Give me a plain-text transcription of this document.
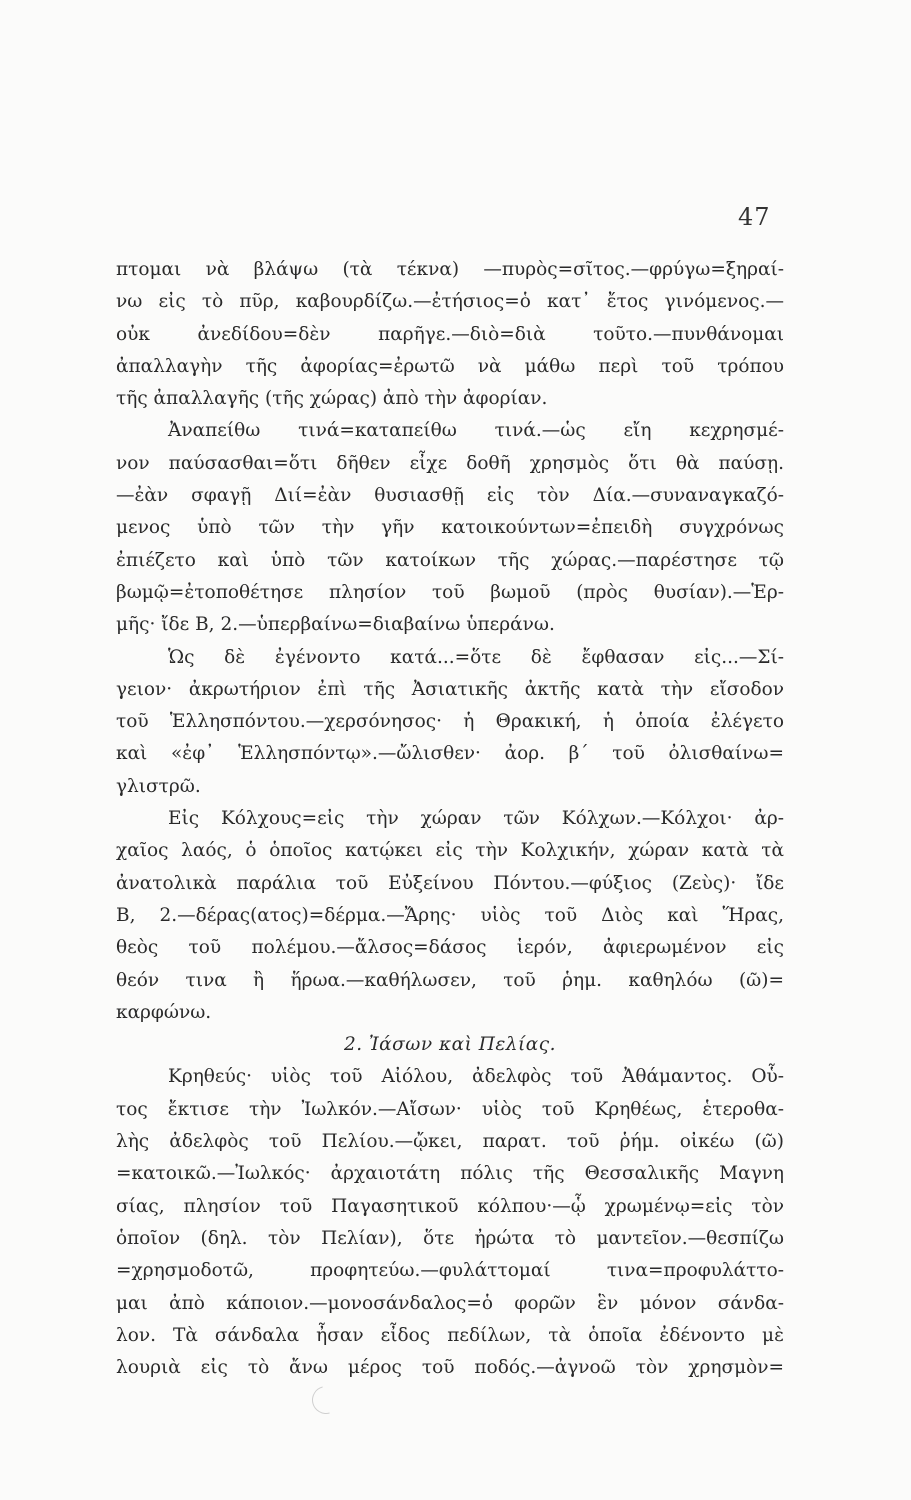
47
πτομαι νὰ βλάψω (τὰ τέκνα) —πυρὸς=σῖτος.—φρύγω=ξηραί-
νω εἰς τὸ πῦρ, καβουρδίζω.—ἐτήσιος=ὁ κατ᾽ ἔτος γινόμενος.—
οὐκ ἀνεδίδου=δὲν παρῆγε.—διὸ=διὰ τοῦτο.—πυνθάνομαι
ἀπαλλαγὴν τῆς ἀφορίας=ἐρωτῶ νὰ μάθω περὶ τοῦ τρόπου
τῆς ἀπαλλαγῆς (τῆς χώρας) ἀπὸ τὴν ἀφορίαν.
Ἀναπείθω τινά=καταπείθω τινά.—ὡς εἴη κεχρησμέ-
νον παύσασθαι=ὅτι δῆθεν εἶχε δοθῆ χρησμὸς ὅτι θὰ παύσῃ.
—ἐὰν σφαγῇ Διί=ἐὰν θυσιασθῇ εἰς τὸν Δία.—συναναγκαζό-
μενος ὑπὸ τῶν τὴν γῆν κατοικούντων=ἐπειδὴ συγχρόνως
ἐπιέζετο καὶ ὑπὸ τῶν κατοίκων τῆς χώρας.—παρέστησε τῷ
βωμῷ=ἐτοποθέτησε πλησίον τοῦ βωμοῦ (πρὸς θυσίαν).—Ἑρ-
μῆς· ἴδε Β, 2.—ὑπερβαίνω=διαβαίνω ὑπεράνω.
Ὡς δὲ ἐγένοντο κατά...=ὅτε δὲ ἔφθασαν εἰς...—Σί-
γειον· ἀκρωτήριον ἐπὶ τῆς Ἀσιατικῆς ἀκτῆς κατὰ τὴν εἴσοδον
τοῦ Ἑλλησπόντου.—χερσόνησος· ἡ Θρακική, ἡ ὁποία ἐλέγετο
καὶ «ἐφ᾽ Ἑλλησπόντῳ».—ὤλισθεν· ἀορ. β´ τοῦ ὀλισθαίνω=
γλιστρῶ.
Εἰς Κόλχους=εἰς τὴν χώραν τῶν Κόλχων.—Κόλχοι· ἀρ-
χαῖος λαός, ὁ ὁποῖος κατῴκει εἰς τὴν Κολχικήν, χώραν κατὰ τὰ
ἀνατολικὰ παράλια τοῦ Εὐξείνου Πόντου.—φύξιος (Ζεὺς)· ἴδε
Β, 2.—δέρας(ατος)=δέρμα.—Ἄρης· υἱὸς τοῦ Διὸς καὶ Ἥρας,
θεὸς τοῦ πολέμου.—ἄλσος=δάσος ἱερόν, ἀφιερωμένον εἰς
θεόν τινα ἢ ἥρωα.—καθήλωσεν, τοῦ ῥημ. καθηλόω (ῶ)=
καρφώνω.
2. Ἰάσων καὶ Πελίας.
Κρηθεύς· υἱὸς τοῦ Αἰόλου, ἀδελφὸς τοῦ Ἀθάμαντος. Οὗ-
τος ἔκτισε τὴν Ἰωλκόν.—Αἴσων· υἱὸς τοῦ Κρηθέως, ἑτεροθα-
λὴς ἀδελφὸς τοῦ Πελίου.—ᾤκει, παρατ. τοῦ ῥήμ. οἰκέω (ῶ)
=κατοικῶ.—Ἰωλκός· ἀρχαιοτάτη πόλις τῆς Θεσσαλικῆς Μαγνη
σίας, πλησίον τοῦ Παγασητικοῦ κόλπου·—ᾧ χρωμένῳ=εἰς τὸν
ὁποῖον (δηλ. τὸν Πελίαν), ὅτε ἠρώτα τὸ μαντεῖον.—θεσπίζω
=χρησμοδοτῶ, προφητεύω.—φυλάττομαί τινα=προφυλάττο-
μαι ἀπὸ κάποιον.—μονοσάνδαλος=ὁ φορῶν ἓν μόνον σάνδα-
λον. Τὰ σάνδαλα ἦσαν εἶδος πεδίλων, τὰ ὁποῖα ἐδένοντο μὲ
λουριὰ εἰς τὸ ἄνω μέρος τοῦ ποδός.—ἀγνοῶ τὸν χρησμὸν=
